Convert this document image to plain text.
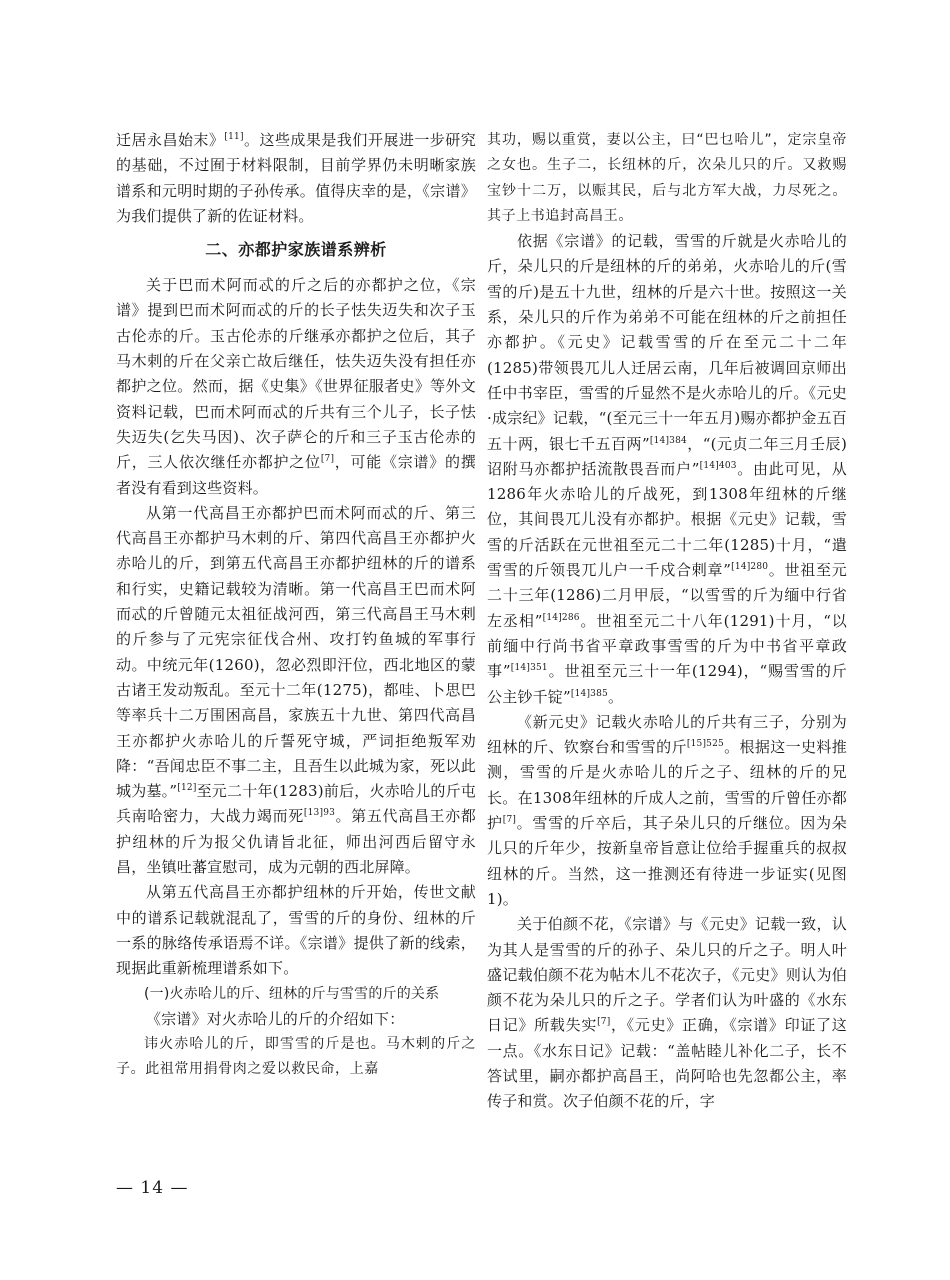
迁居永昌始末》[11]。这些成果是我们开展进一步研究的基础，不过囿于材料限制，目前学界仍未明晰家族谱系和元明时期的子孙传承。值得庆幸的是，《宗谱》为我们提供了新的佐证材料。

二、亦都护家族谱系辨析

关于巴而术阿而忒的斤之后的亦都护之位，《宗谱》提到巴而术阿而忒的斤的长子怯失迈失和次子玉古伦赤的斤。玉古伦赤的斤继承亦都护之位后，其子马木剌的斤在父亲亡故后继任，怯失迈失没有担任亦都护之位。然而，据《史集》《世界征服者史》等外文资料记载，巴而术阿而忒的斤共有三个儿子，长子怯失迈失(乞失马因)、次子萨仑的斤和三子玉古伦赤的斤，三人依次继任亦都护之位[7]，可能《宗谱》的撰者没有看到这些资料。

从第一代高昌王亦都护巴而术阿而忒的斤、第三代高昌王亦都护马木剌的斤、第四代高昌王亦都护火赤哈儿的斤，到第五代高昌王亦都护纽林的斤的谱系和行实，史籍记载较为清晰。第一代高昌王巴而术阿而忒的斤曾随元太祖征战河西，第三代高昌王马木剌的斤参与了元宪宗征伐合州、攻打钓鱼城的军事行动。中统元年(1260)，忽必烈即汗位，西北地区的蒙古诸王发动叛乱。至元十二年(1275)，都哇、卜思巴等率兵十二万围困高昌，家族五十九世、第四代高昌王亦都护火赤哈儿的斤誓死守城，严词拒绝叛军劝降：“吾闻忠臣不事二主，且吾生以此城为家，死以此城为墓。”[12]至元二十年(1283)前后，火赤哈儿的斤屯兵南哈密力，大战力竭而死$^{[13]93}$。第五代高昌王亦都护纽林的斤为报父仇请旨北征，师出河西后留守永昌，坐镇吐蕃宣慰司，成为元朝的西北屏障。

从第五代高昌王亦都护纽林的斤开始，传世文献中的谱系记载就混乱了，雪雪的斤的身份、纽林的斤一系的脉络传承语焉不详。《宗谱》提供了新的线索，现据此重新梳理谱系如下。

(一)火赤哈儿的斤、纽林的斤与雪雪的斤的关系

《宗谱》对火赤哈儿的斤的介绍如下：

讳火赤哈儿的斤，即雪雪的斤是也。马木剌的斤之子。此祖常用捐骨肉之爱以救民命，上嘉

其功，赐以重赏，妻以公主，曰“巴乜哈儿”，定宗皇帝之女也。生子二，长纽林的斤，次朵儿只的斤。又救赐宝钞十二万，以赈其民，后与北方军大战，力尽死之。其子上书追封高昌王。

依据《宗谱》的记载，雪雪的斤就是火赤哈儿的斤，朵儿只的斤是纽林的斤的弟弟，火赤哈儿的斤(雪雪的斤)是五十九世，纽林的斤是六十世。按照这一关系，朵儿只的斤作为弟弟不可能在纽林的斤之前担任亦都护。《元史》记载雪雪的斤在至元二十二年(1285)带领畏兀儿人迁居云南，几年后被调回京师出任中书宰臣，雪雪的斤显然不是火赤哈儿的斤。《元史·成宗纪》记载，“(至元三十一年五月)赐亦都护金五百五十两，银七千五百两”$^{[14]384}$，“(元贞二年三月壬辰)诏附马亦都护括流散畏吾而户”$^{[14]403}$。由此可见，从1286年火赤哈儿的斤战死，到1308年纽林的斤继位，其间畏兀儿没有亦都护。根据《元史》记载，雪雪的斤活跃在元世祖至元二十二年(1285)十月，“遣雪雪的斤领畏兀儿户一千戍合剌章”$^{[14]280}$。世祖至元二十三年(1286)二月甲辰，“以雪雪的斤为缅中行省左丞相”$^{[14]286}$。世祖至元二十八年(1291)十月，“以前缅中行尚书省平章政事雪雪的斤为中书省平章政事”$^{[14]351}$。世祖至元三十一年(1294)，“赐雪雪的斤公主钞千锭”$^{[14]385}$。

《新元史》记载火赤哈儿的斤共有三子，分别为纽林的斤、钦察台和雪雪的斤$^{[15]525}$。根据这一史料推测，雪雪的斤是火赤哈儿的斤之子、纽林的斤的兄长。在1308年纽林的斤成人之前，雪雪的斤曾任亦都护[7]。雪雪的斤卒后，其子朵儿只的斤继位。因为朵儿只的斤年少，按新皇帝旨意让位给手握重兵的叔叔纽林的斤。当然，这一推测还有待进一步证实(见图1)。

关于伯颜不花，《宗谱》与《元史》记载一致，认为其人是雪雪的斤的孙子、朵儿只的斤之子。明人叶盛记载伯颜不花为帖木儿不花次子，《元史》则认为伯颜不花为朵儿只的斤之子。学者们认为叶盛的《水东日记》所载失实[7]，《元史》正确，《宗谱》印证了这一点。《水东日记》记载：“盖帖睦儿补化二子，长不答试里，嗣亦都护高昌王，尚阿哈也先忽都公主，率传子和赏。次子伯颜不花的斤，字

— 14 —
